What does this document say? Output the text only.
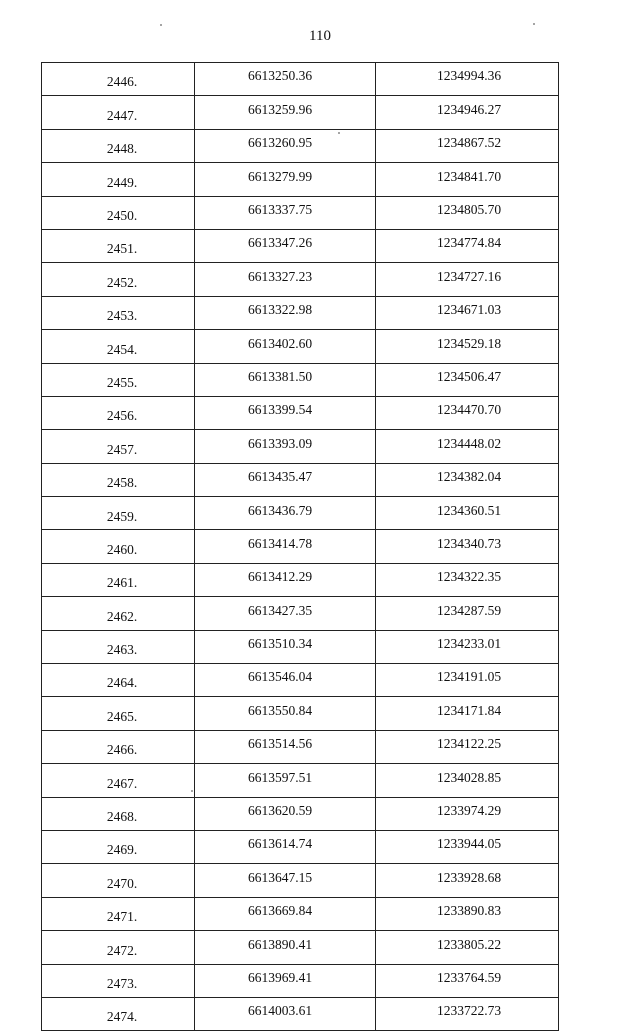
110
2446.	6613250.36	1234994.36
2447.	6613259.96	1234946.27
2448.	6613260.95	1234867.52
2449.	6613279.99	1234841.70
2450.	6613337.75	1234805.70
2451.	6613347.26	1234774.84
2452.	6613327.23	1234727.16
2453.	6613322.98	1234671.03
2454.	6613402.60	1234529.18
2455.	6613381.50	1234506.47
2456.	6613399.54	1234470.70
2457.	6613393.09	1234448.02
2458.	6613435.47	1234382.04
2459.	6613436.79	1234360.51
2460.	6613414.78	1234340.73
2461.	6613412.29	1234322.35
2462.	6613427.35	1234287.59
2463.	6613510.34	1234233.01
2464.	6613546.04	1234191.05
2465.	6613550.84	1234171.84
2466.	6613514.56	1234122.25
2467.	6613597.51	1234028.85
2468.	6613620.59	1233974.29
2469.	6613614.74	1233944.05
2470.	6613647.15	1233928.68
2471.	6613669.84	1233890.83
2472.	6613890.41	1233805.22
2473.	6613969.41	1233764.59
2474.	6614003.61	1233722.73
